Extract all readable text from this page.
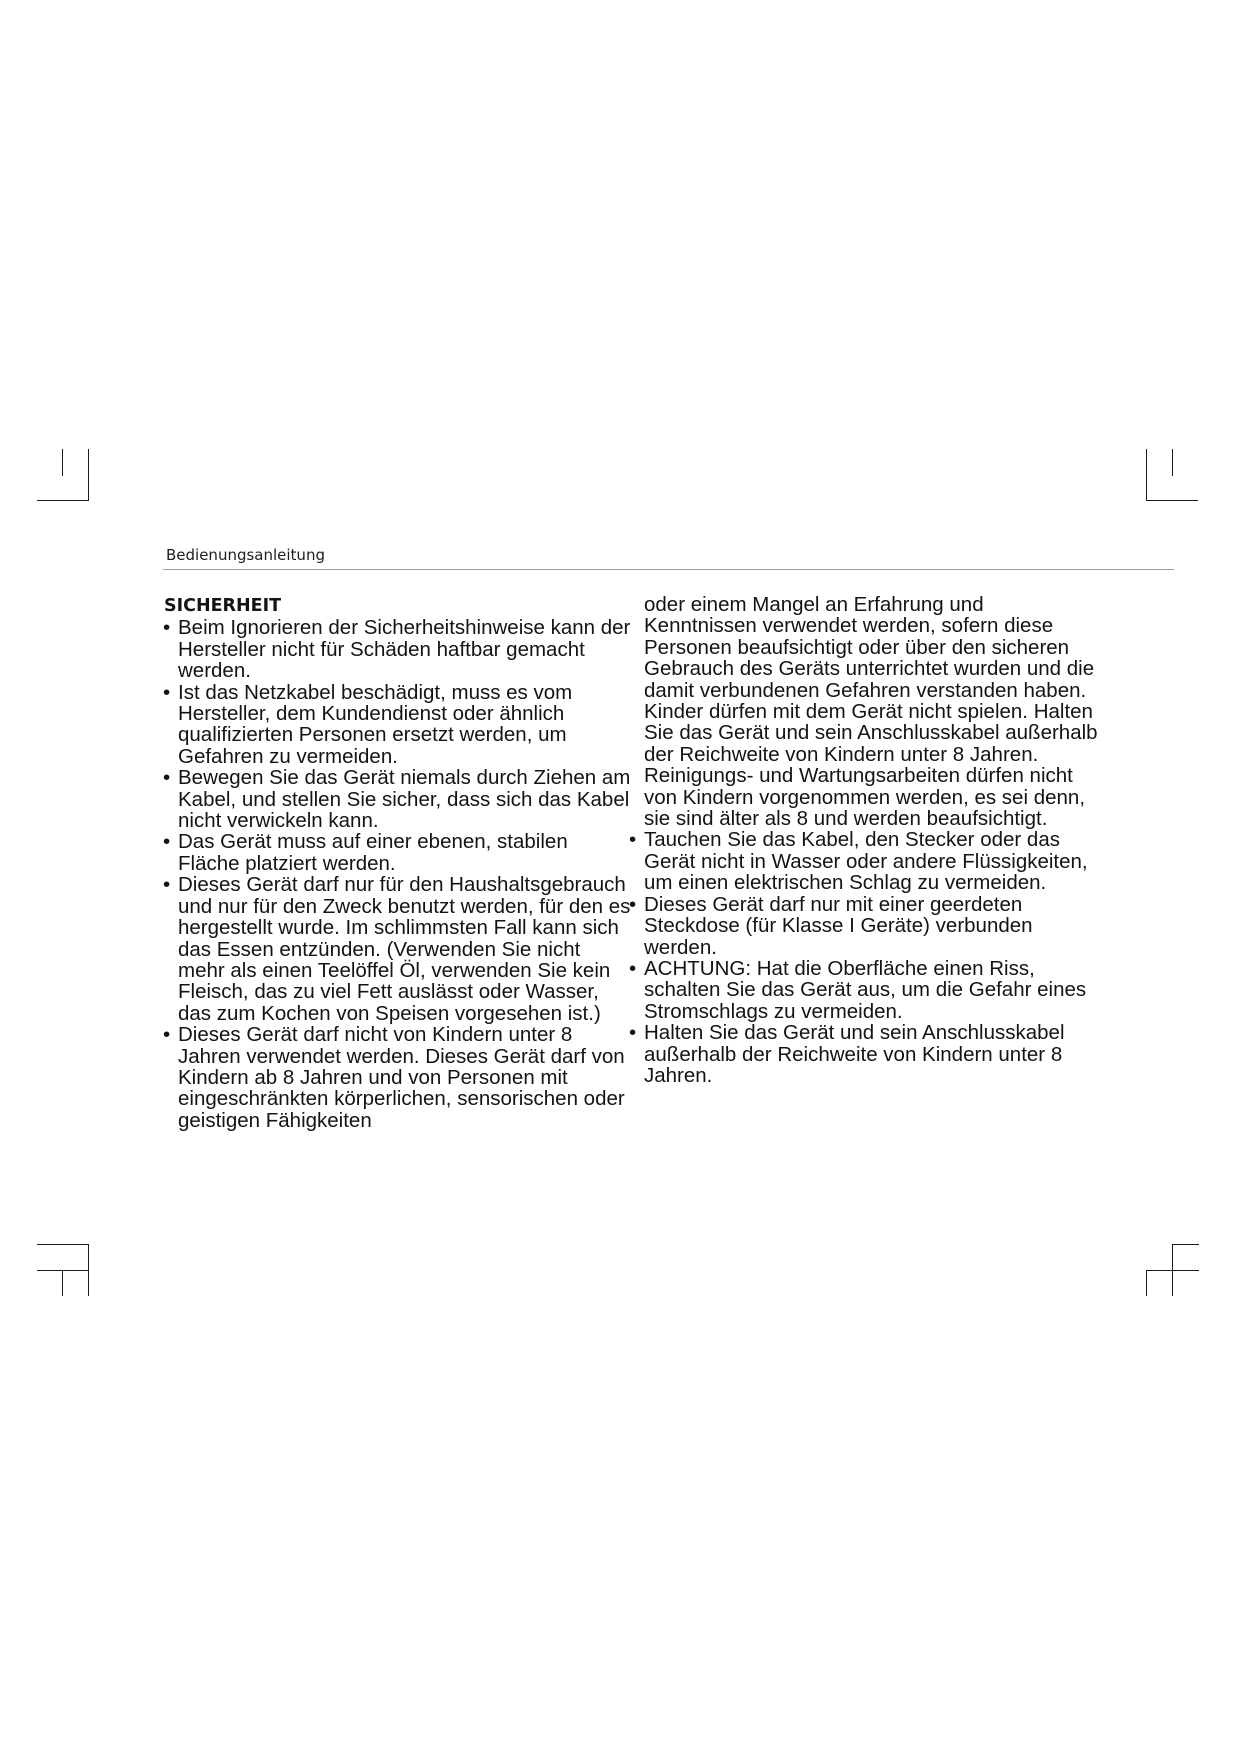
Bedienungsanleitung
SICHERHEIT
• Beim Ignorieren der Sicherheitshinweise kann der Hersteller nicht für Schäden haftbar gemacht werden.
• Ist das Netzkabel beschädigt, muss es vom Hersteller, dem Kundendienst oder ähnlich qualifizierten Personen ersetzt werden, um Gefahren zu vermeiden.
• Bewegen Sie das Gerät niemals durch Ziehen am Kabel, und stellen Sie sicher, dass sich das Kabel nicht verwickeln kann.
• Das Gerät muss auf einer ebenen, stabilen Fläche platziert werden.
• Dieses Gerät darf nur für den Haushaltsgebrauch und nur für den Zweck benutzt werden, für den es hergestellt wurde. Im schlimmsten Fall kann sich das Essen entzünden. (Verwenden Sie nicht mehr als einen Teelöffel Öl, verwenden Sie kein Fleisch, das zu viel Fett auslässt oder Wasser, das zum Kochen von Speisen vorgesehen ist.)
• Dieses Gerät darf nicht von Kindern unter 8 Jahren verwendet werden. Dieses Gerät darf von Kindern ab 8 Jahren und von Personen mit eingeschränkten körperlichen, sensorischen oder geistigen Fähigkeiten
oder einem Mangel an Erfahrung und Kenntnissen verwendet werden, sofern diese Personen beaufsichtigt oder über den sicheren Gebrauch des Geräts unterrichtet wurden und die damit verbundenen Gefahren verstanden haben. Kinder dürfen mit dem Gerät nicht spielen. Halten Sie das Gerät und sein Anschlusskabel außerhalb der Reichweite von Kindern unter 8 Jahren. Reinigungs- und Wartungsarbeiten dürfen nicht von Kindern vorgenommen werden, es sei denn, sie sind älter als 8 und werden beaufsichtigt.
• Tauchen Sie das Kabel, den Stecker oder das Gerät nicht in Wasser oder andere Flüssigkeiten, um einen elektrischen Schlag zu vermeiden.
• Dieses Gerät darf nur mit einer geerdeten Steckdose (für Klasse I Geräte) verbunden werden.
• ACHTUNG: Hat die Oberfläche einen Riss, schalten Sie das Gerät aus, um die Gefahr eines Stromschlags zu vermeiden.
• Halten Sie das Gerät und sein Anschlusskabel außerhalb der Reichweite von Kindern unter 8 Jahren.
